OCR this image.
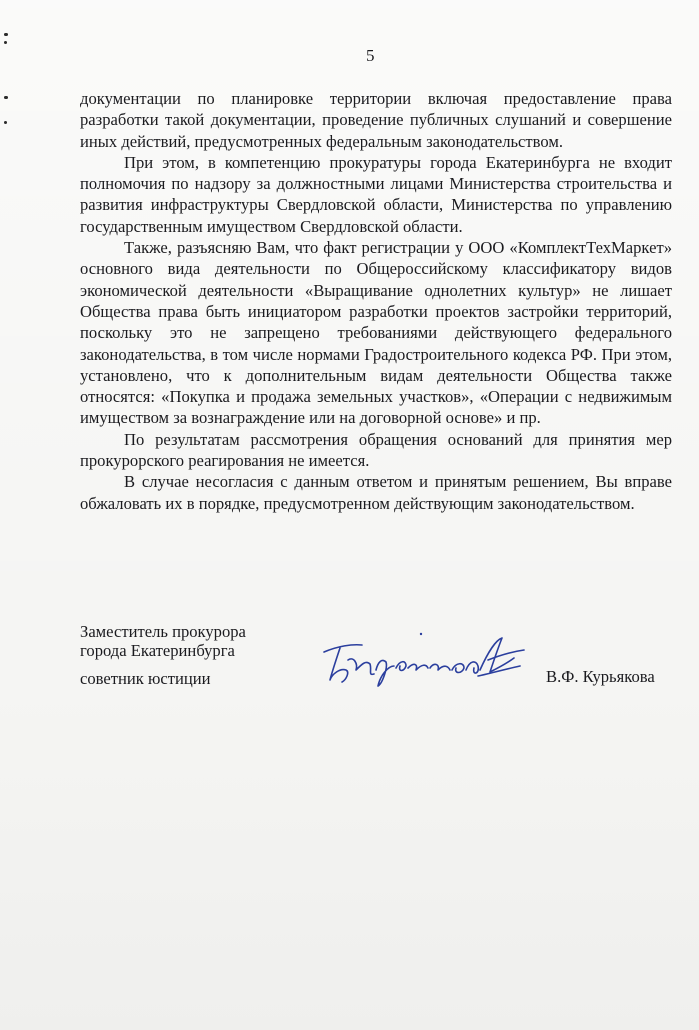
5

документации по планировке территории включая предоставление права разработки такой документации, проведение публичных слушаний и совершение иных действий, предусмотренных федеральным законодательством.

При этом, в компетенцию прокуратуры города Екатеринбурга не входит полномочия по надзору за должностными лицами Министерства строительства и развития инфраструктуры Свердловской области, Министерства по управлению государственным имуществом Свердловской области.

Также, разъясняю Вам, что факт регистрации у ООО «КомплектТехМаркет» основного вида деятельности по Общероссийскому классификатору видов экономической деятельности «Выращивание однолетних культур» не лишает Общества права быть инициатором разработки проектов застройки территорий, поскольку это не запрещено требованиями действующего федерального законодательства, в том числе нормами Градостроительного кодекса РФ. При этом, установлено, что к дополнительным видам деятельности Общества также относятся: «Покупка и продажа земельных участков», «Операции с недвижимым имуществом за вознаграждение или на договорной основе» и пр.

По результатам рассмотрения обращения оснований для принятия мер прокурорского реагирования не имеется.

В случае несогласия с данным ответом и принятым решением, Вы вправе обжаловать их в порядке, предусмотренном действующим законодательством.

Заместитель прокурора
города Екатеринбурга
советник юстиции	В.Ф. Курьякова
